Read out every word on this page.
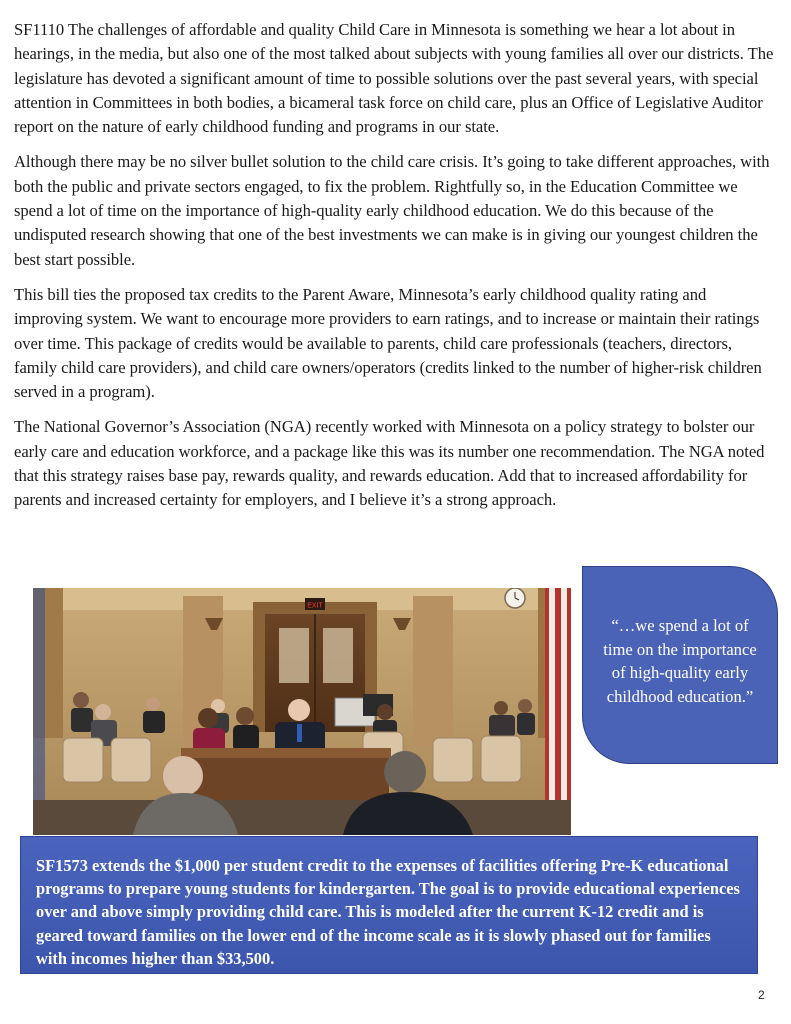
SF1110 The challenges of affordable and quality Child Care in Minnesota is something we hear a lot about in hearings, in the media, but also one of the most talked about subjects with young families all over our districts. The legislature has devoted a significant amount of time to possible solutions over the past several years, with special attention in Committees in both bodies, a bicameral task force on child care, plus an Office of Legislative Auditor report on the nature of early childhood funding and programs in our state.

Although there may be no silver bullet solution to the child care crisis. It’s going to take different approaches, with both the public and private sectors engaged, to fix the problem. Rightfully so, in the Education Committee we spend a lot of time on the importance of high-quality early childhood education. We do this because of the undisputed research showing that one of the best investments we can make is in giving our youngest children the best start possible.

This bill ties the proposed tax credits to the Parent Aware, Minnesota’s early childhood quality rating and improving system. We want to encourage more providers to earn ratings, and to increase or maintain their ratings over time. This package of credits would be available to parents, child care professionals (teachers, directors, family child care providers), and child care owners/operators (credits linked to the number of higher-risk children served in a program).

The National Governor’s Association (NGA) recently worked with Minnesota on a policy strategy to bolster our early care and education workforce, and a package like this was its number one recommendation. The NGA noted that this strategy raises base pay, rewards quality, and rewards education. Add that to increased affordability for parents and increased certainty for employers, and I believe it’s a strong approach.

EXIT
“…we spend a lot of time on the importance of high-quality early childhood education.”

SF1573 extends the $1,000 per student credit to the expenses of facilities offering Pre-K educational programs to prepare young students for kindergarten. The goal is to provide educational experiences over and above simply providing child care. This is modeled after the current K-12 credit and is geared toward families on the lower end of the income scale as it is slowly phased out for families with incomes higher than $33,500.

2
